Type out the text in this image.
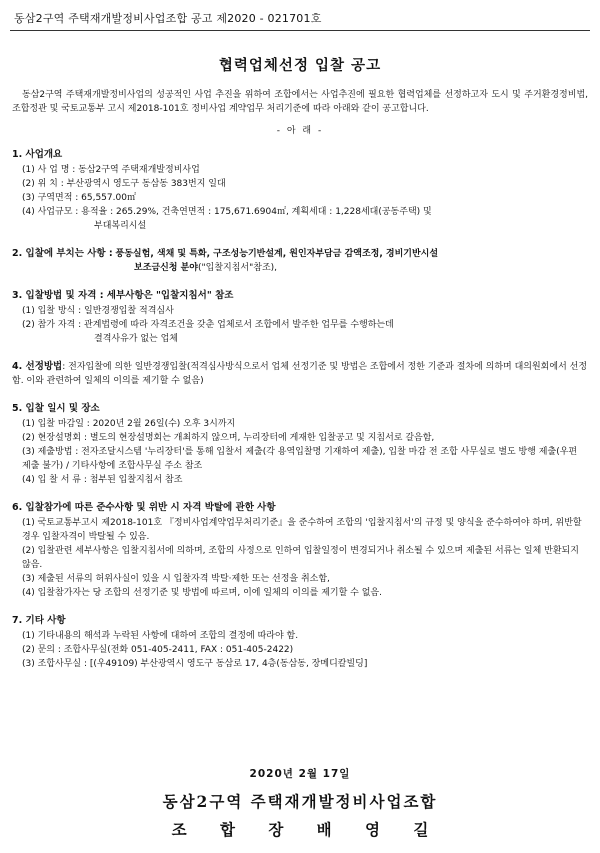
동삼2구역 주택재개발정비사업조합 공고 제2020 - 021701호
협력업체선정 입찰 공고

동삼2구역 주택재개발정비사업의 성공적인 사업 추진을 위하여 조합에서는 사업추진에 필요한 협력업체를 선정하고자 도시 및 주거환경정비법, 조합정관 및 국토교통부 고시 제2018-101호 정비사업 계약업무 처리기준에 따라 아래와 같이 공고합니다.

- 아 래 -
1. 사업개요
(1) 사 업 명 : 동삼2구역 주택재개발정비사업
(2) 위 치 : 부산광역시 영도구 동삼동 383번지 일대
(3) 구역면적 : 65,557.00㎡
(4) 사업규모 : 용적율 : 265.29%, 건축연면적 : 175,671.6904㎡, 계획세대 : 1,228세대(공동주택) 및
부대복리시설
2. 입찰에 부치는 사항 : 풍동실험, 색채 및 특화, 구조성능기반설계, 원인자부담금 감액조정, 경비기반시설
보조금신청 분야("입찰지침서"참조),
3. 입찰방법 및 자격 : 세부사항은 "입찰지침서" 참조
(1) 입찰 방식 : 일반경쟁입찰 적격심사
(2) 참가 자격 : 관계법령에 따라 자격조건을 갖춘 업체로서 조합에서 발주한 업무를 수행하는데
결격사유가 없는 업체
4. 선정방법: 전자입찰에 의한 일반경쟁입찰(적격심사방식으로서 업체 선정기준 및 방법은 조합에서 정한 기준과 절차에 의하며 대의원회에서 선정함. 이와 관련하여 일체의 이의를 제기할 수 없음)
5. 입찰 일시 및 장소
(1) 입찰 마감일 : 2020년 2월 26일(수) 오후 3시까지
(2) 현장설명회 : 별도의 현장설명회는 개최하지 않으며, 누리장터에 게재한 입찰공고 및 지침서로 갈음함,
(3) 제출방법 : 전자조달시스템 '누리장터'를 통해 입찰서 제출(각 용역입찰명 기재하여 제출), 입찰 마감 전 조합 사무실로 별도 방행 제출(우편 제출 불가) / 기타사항에 조합사무실 주소 참조
(4) 입 찰 서 류 : 첨부된 입찰지침서 참조
6. 입찰참가에 따른 준수사항 및 위반 시 자격 박탈에 관한 사항
(1) 국토교통부고시 제2018-101호 『정비사업계약업무처리기준』을 준수하여 조합의 '입찰지침서'의 규정 및 양식을 준수하여야 하며, 위반할 경우 입찰자격이 박탈될 수 있음.
(2) 입찰관련 세부사항은 입찰지침서에 의하며, 조합의 사정으로 인하여 입찰일정이 변경되거나 취소될 수 있으며 제출된 서류는 일체 반환되지 않음.
(3) 제출된 서류의 허위사실이 있을 시 입찰자격 박탈·제한 또는 선정을 취소함,
(4) 입찰참가자는 당 조합의 선정기준 및 방법에 따르며, 이에 일체의 이의를 제기할 수 없음.
7. 기타 사항
(1) 기타내용의 해석과 누락된 사항에 대하여 조합의 결정에 따라야 함.
(2) 문의 : 조합사무실(전화 051-405-2411, FAX : 051-405-2422)
(3) 조합사무실 : [(우49109) 부산광역시 영도구 동삼로 17, 4층(동삼동, 장메디칼빌딩]
2020년 2월 17일
동삼2구역 주택재개발정비사업조합
조 합 장 배 영 길
